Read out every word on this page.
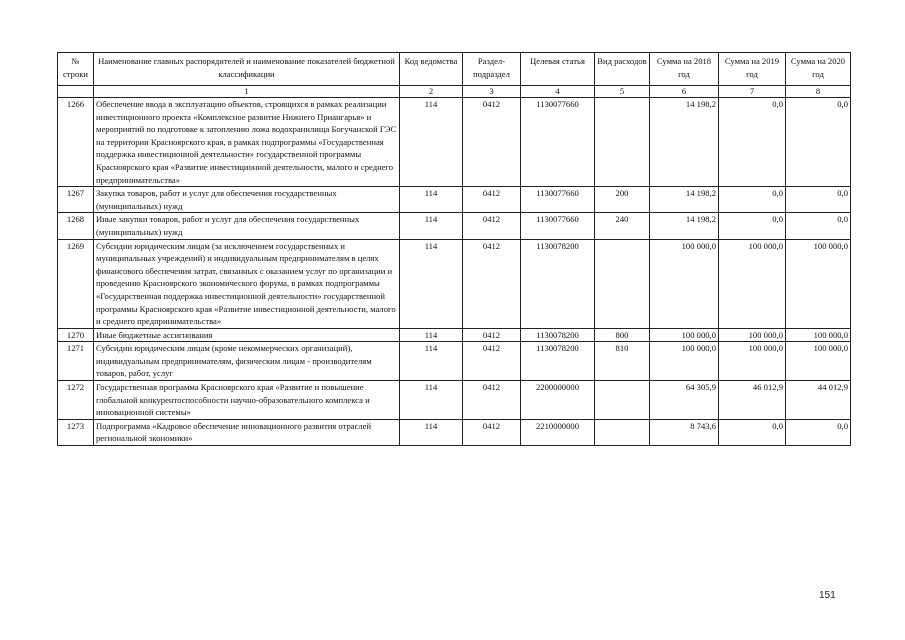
№ строки	Наименование главных распорядителей и наименование показателей бюджетной классификации	Код ведомства	Раздел-подраздел	Целевая статья	Вид расходов	Сумма на 2018 год	Сумма на 2019 год	Сумма на 2020 год
	1	2	3	4	5	6	7	8
1266	Обеспечение ввода в эксплуатацию объектов, строящихся в рамках реализации инвестиционного проекта «Комплексное развитие Нижнего Приангарья» и мероприятий по подготовке к затоплению ложа водохранилища Богучанской ГЭС на территории Красноярского края, в рамках подпрограммы «Государственная поддержка инвестиционной деятельности» государственной программы Красноярского края «Развитие инвестиционной деятельности, малого и среднего предпринимательства»	114	0412	1130077660		14 198,2	0,0	0,0
1267	Закупка товаров, работ и услуг для обеспечения государственных (муниципальных) нужд	114	0412	1130077660	200	14 198,2	0,0	0,0
1268	Иные закупки товаров, работ и услуг для обеспечения государственных (муниципальных) нужд	114	0412	1130077660	240	14 198,2	0,0	0,0
1269	Субсидии юридическим лицам (за исключением государственных и муниципальных учреждений) и индивидуальным предпринимателям в целях финансового обеспечения затрат, связанных с оказанием услуг по организации и проведению Красноярского экономического форума, в рамках подпрограммы «Государственная поддержка инвестиционной деятельности» государственной программы Красноярского края «Развитие инвестиционной деятельности, малого и среднего предпринимательства»	114	0412	1130078200		100 000,0	100 000,0	100 000,0
1270	Иные бюджетные ассигнования	114	0412	1130078200	800	100 000,0	100 000,0	100 000,0
1271	Субсидии юридическим лицам (кроме некоммерческих организаций), индивидуальным предпринимателям, физическим лицам - производителям товаров, работ, услуг	114	0412	1130078200	810	100 000,0	100 000,0	100 000,0
1272	Государственная программа Красноярского края «Развитие и повышение глобальной конкурентоспособности научно-образовательного комплекса и инновационной системы»	114	0412	2200000000		64 305,9	46 012,9	44 012,9
1273	Подпрограмма «Кадровое обеспечение инновационного развития отраслей региональной экономики»	114	0412	2210000000		8 743,6	0,0	0,0
151
